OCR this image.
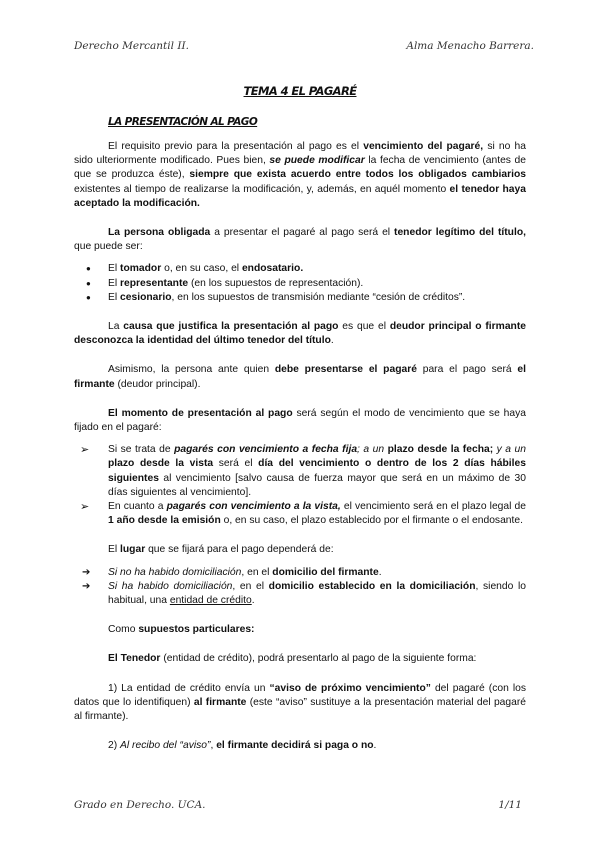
Derecho Mercantil II.	Alma Menacho Barrera.
TEMA 4 EL PAGARÉ
LA PRESENTACIÓN AL PAGO

El requisito previo para la presentación al pago es el vencimiento del pagaré, si no ha sido ulteriormente modificado. Pues bien, se puede modificar la fecha de vencimiento (antes de que se produzca éste), siempre que exista acuerdo entre todos los obligados cambiarios existentes al tiempo de realizarse la modificación, y, además, en aquél momento el tenedor haya aceptado la modificación.

La persona obligada a presentar el pagaré al pago será el tenedor legítimo del título, que puede ser:

● El tomador o, en su caso, el endosatario.
● El representante (en los supuestos de representación).
● El cesionario, en los supuestos de transmisión mediante “cesión de créditos”.

La causa que justifica la presentación al pago es que el deudor principal o firmante desconozca la identidad del último tenedor del título.

Asimismo, la persona ante quien debe presentarse el pagaré para el pago será el firmante (deudor principal).

El momento de presentación al pago será según el modo de vencimiento que se haya fijado en el pagaré:

➢ Si se trata de pagarés con vencimiento a fecha fija; a un plazo desde la fecha; y a un plazo desde la vista será el día del vencimiento o dentro de los 2 días hábiles siguientes al vencimiento [salvo causa de fuerza mayor que será en un máximo de 30 días siguientes al vencimiento].
➢ En cuanto a pagarés con vencimiento a la vista, el vencimiento será en el plazo legal de 1 año desde la emisión o, en su caso, el plazo establecido por el firmante o el endosante.

El lugar que se fijará para el pago dependerá de:

➔ Si no ha habido domiciliación, en el domicilio del firmante.
➔ Si ha habido domiciliación, en el domicilio establecido en la domiciliación, siendo lo habitual, una entidad de crédito.

Como supuestos particulares:

El Tenedor (entidad de crédito), podrá presentarlo al pago de la siguiente forma:

1) La entidad de crédito envía un “aviso de próximo vencimiento” del pagaré (con los datos que lo identifiquen) al firmante (este “aviso” sustituye a la presentación material del pagaré al firmante).

2) Al recibo del “aviso”, el firmante decidirá si paga o no.

Grado en Derecho. UCA.	1/11
